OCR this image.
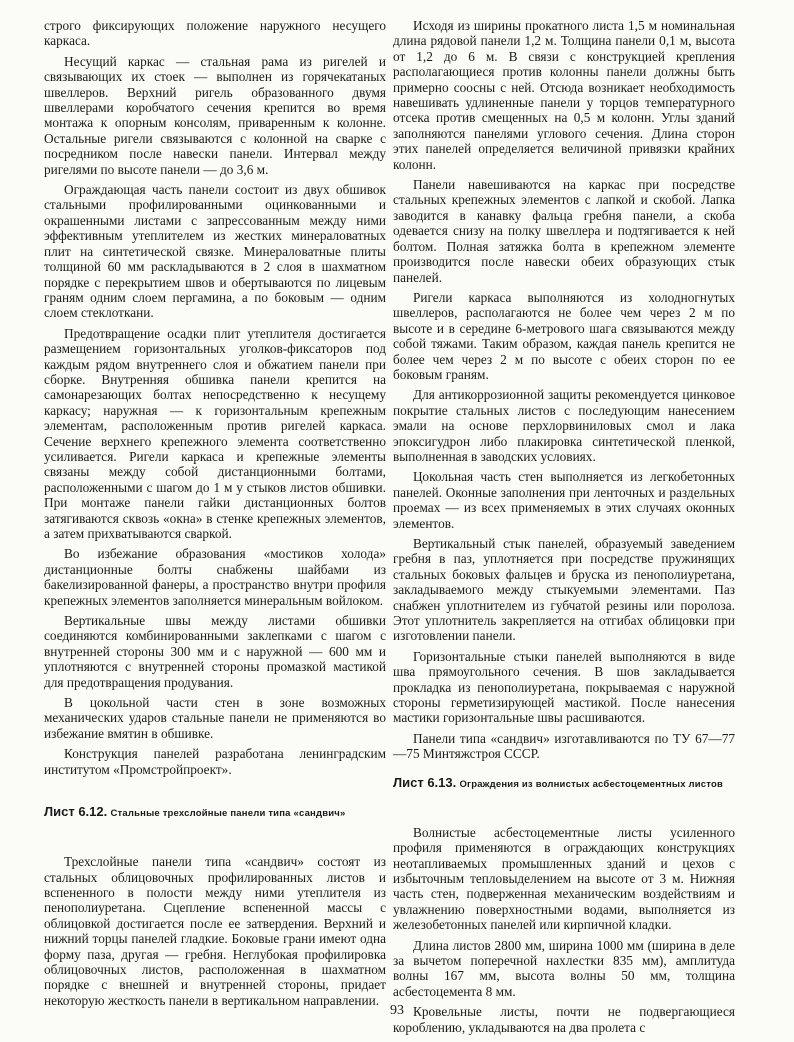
строго фиксирующих положение наружного несущего каркаса.

Несущий каркас — стальная рама из ригелей и связывающих их стоек — выполнен из горячекатаных швеллеров. Верхний ригель образованного двумя швеллерами коробчатого сечения крепится во время монтажа к опорным консолям, приваренным к колонне. Остальные ригели связываются с колонной на сварке с посредником после навески панели. Интервал между ригелями по высоте панели — до 3,6 м.

Ограждающая часть панели состоит из двух обшивок стальными профилированными оцинкованными и окрашенными листами с запрессованным между ними эффективным утеплителем из жестких минераловатных плит на синтетической связке. Минераловатные плиты толщиной 60 мм раскладываются в 2 слоя в шахматном порядке с перекрытием швов и обертываются по лицевым граням одним слоем пергамина, а по боковым — одним слоем стеклоткани.

Предотвращение осадки плит утеплителя достигается размещением горизонтальных уголков-фиксаторов под каждым рядом внутреннего слоя и обжатием панели при сборке. Внутренняя обшивка панели крепится на самонарезающих болтах непосредственно к несущему каркасу; наружная — к горизонтальным крепежным элементам, расположенным против ригелей каркаса. Сечение верхнего крепежного элемента соответственно усиливается. Ригели каркаса и крепежные элементы связаны между собой дистанционными болтами, расположенными с шагом до 1 м у стыков листов обшивки. При монтаже панели гайки дистанционных болтов затягиваются сквозь «окна» в стенке крепежных элементов, а затем прихватываются сваркой.

Во избежание образования «мостиков холода» дистанционные болты снабжены шайбами из бакелизированной фанеры, а пространство внутри профиля крепежных элементов заполняется минеральным войлоком.

Вертикальные швы между листами обшивки соединяются комбинированными заклепками с шагом с внутренней стороны 300 мм и с наружной — 600 мм и уплотняются с внутренней стороны промазкой мастикой для предотвращения продувания.

В цокольной части стен в зоне возможных механических ударов стальные панели не применяются во избежание вмятин в обшивке.

Конструкция панелей разработана ленинградским институтом «Промстройпроект».

Лист 6.12. Стальные трехслойные панели типа «сандвич»

Трехслойные панели типа «сандвич» состоят из стальных облицовочных профилированных листов и вспененного в полости между ними утеплителя из пенополиуретана. Сцепление вспененной массы с облицовкой достигается после ее затвердения. Верхний и нижний торцы панелей гладкие. Боковые грани имеют одна форму паза, другая — гребня. Неглубокая профилировка облицовочных листов, расположенная в шахматном порядке с внешней и внутренней стороны, придает некоторую жесткость панели в вертикальном направлении.

Исходя из ширины прокатного листа 1,5 м номинальная длина рядовой панели 1,2 м. Толщина панели 0,1 м, высота от 1,2 до 6 м. В связи с конструкцией крепления располагающиеся против колонны панели должны быть примерно соосны с ней. Отсюда возникает необходимость навешивать удлиненные панели у торцов температурного отсека против смещенных на 0,5 м колонн. Углы зданий заполняются панелями углового сечения. Длина сторон этих панелей определяется величиной привязки крайних колонн.

Панели навешиваются на каркас при посредстве стальных крепежных элементов с лапкой и скобой. Лапка заводится в канавку фальца гребня панели, а скоба одевается снизу на полку швеллера и подтягивается к ней болтом. Полная затяжка болта в крепежном элементе производится после навески обеих образующих стык панелей.

Ригели каркаса выполняются из холодногнутых швеллеров, располагаются не более чем через 2 м по высоте и в середине 6-метрового шага связываются между собой тяжами. Таким образом, каждая панель крепится не более чем через 2 м по высоте с обеих сторон по ее боковым граням.

Для антикоррозионной защиты рекомендуется цинковое покрытие стальных листов с последующим нанесением эмали на основе перхлорвиниловых смол и лака эпоксигудрон либо плакировка синтетической пленкой, выполненная в заводских условиях.

Цокольная часть стен выполняется из легкобетонных панелей. Оконные заполнения при ленточных и раздельных проемах — из всех применяемых в этих случаях оконных элементов.

Вертикальный стык панелей, образуемый заведением гребня в паз, уплотняется при посредстве пружинящих стальных боковых фальцев и бруска из пенополиуретана, закладываемого между стыкуемыми элементами. Паз снабжен уплотнителем из губчатой резины или поролоза. Этот уплотнитель закрепляется на отгибах облицовки при изготовлении панели.

Горизонтальные стыки панелей выполняются в виде шва прямоугольного сечения. В шов закладывается прокладка из пенополиуретана, покрываемая с наружной стороны герметизирующей мастикой. После нанесения мастики горизонтальные швы расшиваются.

Панели типа «сандвич» изготавливаются по ТУ 67—77—75 Минтяжстроя СССР.

Лист 6.13. Ограждения из волнистых асбестоцементных листов

Волнистые асбестоцементные листы усиленного профиля применяются в ограждающих конструкциях неотапливаемых промышленных зданий и цехов с избыточным тепловыделением на высоте от 3 м. Нижняя часть стен, подверженная механическим воздействиям и увлажнению поверхностными водами, выполняется из железобетонных панелей или кирпичной кладки.

Длина листов 2800 мм, ширина 1000 мм (ширина в деле за вычетом поперечной нахлестки 835 мм), амплитуда волны 167 мм, высота волны 50 мм, толщина асбестоцемента 8 мм.

Кровельные листы, почти не подвергающиеся короблению, укладываются на два пролета с

93
